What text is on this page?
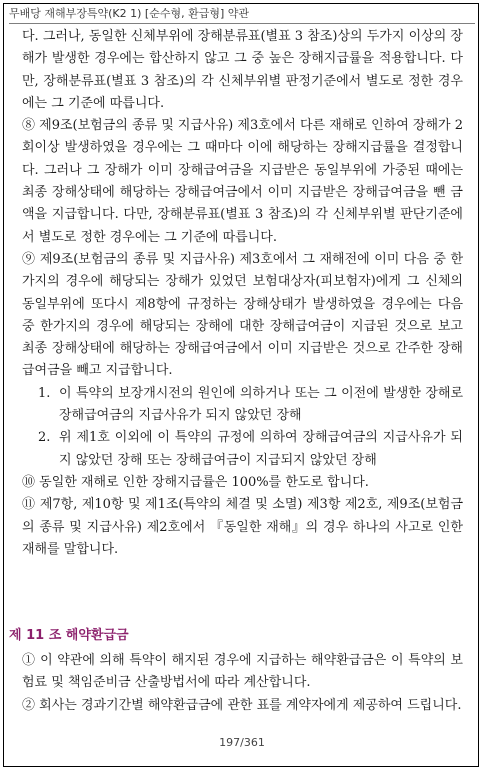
무배당 재해부장특약(K2 1) [순수형, 환급형] 약관

다. 그러나, 동일한 신체부위에 장해분류표(별표 3 참조)상의 두가지 이상의 장해가 발생한 경우에는 합산하지 않고 그 중 높은 장해지급률을 적용합니다. 다만, 장해분류표(별표 3 참조)의 각 신체부위별 판정기준에서 별도로 정한 경우에는 그 기준에 따릅니다.

⑧ 제9조(보험금의 종류 및 지급사유) 제3호에서 다른 재해로 인하여 장해가 2회이상 발생하였을 경우에는 그 때마다 이에 해당하는 장해지급률을 결정합니다. 그러나 그 장해가 이미 장해급여금을 지급받은 동일부위에 가중된 때에는 최종 장해상태에 해당하는 장해급여금에서 이미 지급받은 장해급여금을 뺀 금액을 지급합니다. 다만, 장해분류표(별표 3 참조)의 각 신체부위별 판단기준에서 별도로 정한 경우에는 그 기준에 따릅니다.

⑨ 제9조(보험금의 종류 및 지급사유) 제3호에서 그 재해전에 이미 다음 중 한가지의 경우에 해당되는 장해가 있었던 보험대상자(피보험자)에게 그 신체의 동일부위에 또다시 제8항에 규정하는 장해상태가 발생하였을 경우에는 다음 중 한가지의 경우에 해당되는 장해에 대한 장해급여금이 지급된 것으로 보고 최종 장해상태에 해당하는 장해급여금에서 이미 지급받은 것으로 간주한 장해급여금을 빼고 지급합니다.

1. 이 특약의 보장개시전의 원인에 의하거나 또는 그 이전에 발생한 장해로 장해급여금의 지급사유가 되지 않았던 장해
2. 위 제1호 이외에 이 특약의 규정에 의하여 장해급여금의 지급사유가 되지 않았던 장해 또는 장해급여금이 지급되지 않았던 장해

⑩ 동일한 재해로 인한 장해지급률은 100%를 한도로 합니다.

⑪ 제7항, 제10항 및 제1조(특약의 체결 및 소멸) 제3항 제2호, 제9조(보험금의 종류 및 지급사유) 제2호에서 『동일한 재해』의 경우 하나의 사고로 인한 재해를 말합니다.

제 11 조 해약환급금

① 이 약관에 의해 특약이 해지된 경우에 지급하는 해약환급금은 이 특약의 보험료 및 책임준비금 산출방법서에 따라 계산합니다.

② 회사는 경과기간별 해약환급금에 관한 표를 계약자에게 제공하여 드립니다.

197/361
